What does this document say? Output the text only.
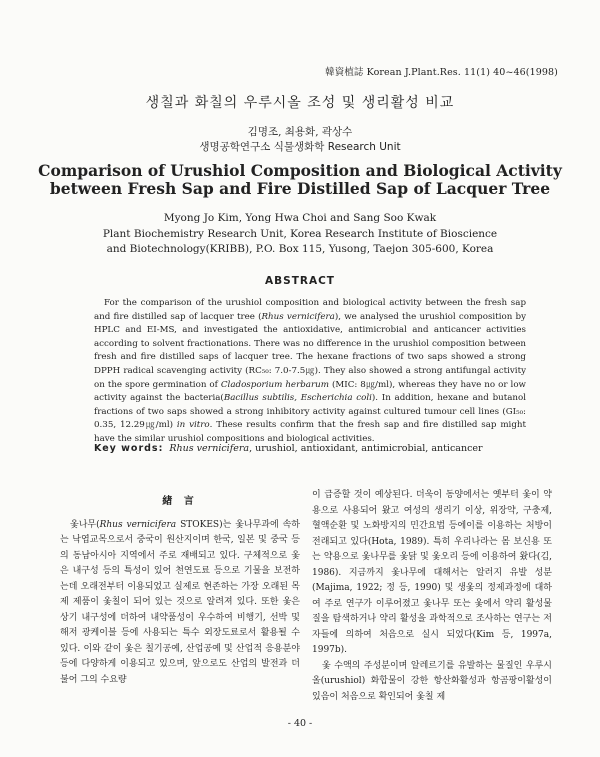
韓資植誌 Korean J.Plant.Res. 11(1) 40~46(1998)
생칠과 화칠의 우루시올 조성 및 생리활성 비교
김명조, 최용화, 곽상수
생명공학연구소 식물생화학 Research Unit
Comparison of Urushiol Composition and Biological Activity
between Fresh Sap and Fire Distilled Sap of Lacquer Tree
Myong Jo Kim, Yong Hwa Choi and Sang Soo Kwak
Plant Biochemistry Research Unit, Korea Research Institute of Bioscience
and Biotechnology(KRIBB), P.O. Box 115, Yusong, Taejon 305-600, Korea
ABSTRACT

For the comparison of the urushiol composition and biological activity between the fresh sap and fire distilled sap of lacquer tree (Rhus verniciferа), we analysed the urushiol composition by HPLC and EI-MS, and investigated the antioxidative, antimicrobial and anticancer activities according to solvent fractionations. There was no difference in the urushiol composition between fresh and fire distilled saps of lacquer tree. The hexane fractions of two saps showed a strong DPPH radical scavenging activity (RC₅₀: 7.0-7.5㎍). They also showed a strong antifungal activity on the spore germination of Cladosporium herbarum (MIC: 8㎍/ml), whereas they have no or low activity against the bacteria(Bacillus subtilis, Escherichia coli). In addition, hexane and butanol fractions of two saps showed a strong inhibitory activity against cultured tumour cell lines (GI₅₀: 0.35, 12.29㎍/ml) in vitro. These results confirm that the fresh sap and fire distilled sap might have the similar urushiol compositions and biological activities.

Key words: Rhus vernicifera, urushiol, antioxidant, antimicrobial, anticancer
緖 言

옻나무(Rhus vernicifera STOKES)는 옻나무과에 속하는 낙엽교목으로서 중국이 원산지이며 한국, 일본 및 중국 등의 동남아시아 지역에서 주로 재배되고 있다. 구체적으로 옻은 내구성 등의 특성이 있어 천연도료 등으로 기물을 보전하는데 오래전부터 이용되었고 실제로 현존하는 가장 오래된 목제 제품이 옻칠이 되어 있는 것으로 알려져 있다. 또한 옻은 상기 내구성에 더하여 내약품성이 우수하여 비행기, 선박 및 해저 광케이블 등에 사용되는 특수 외장도료로서 활용될 수 있다. 이와 같이 옻은 칠기공예, 산업공예 및 산업적 응용분야 등에 다양하게 이용되고 있으며, 앞으로도 산업의 발전과 더불어 그의 수요량

이 급증할 것이 예상된다. 더욱이 동양에서는 옛부터 옻이 약용으로 사용되어 왔고 여성의 생리기 이상, 위장약, 구충제, 혈액순환 및 노화방지의 민간요법 등에이를 이용하는 처방이 전래되고 있다(Hota, 1989). 특히 우리나라는 몸 보신용 또는 약용으로 옻나무를 옻닭 및 옻오리 등에 이용하여 왔다(김, 1986). 지금까지 옻나무에 대해서는 알러지 유발 성분(Majima, 1922; 정 등, 1990) 및 생옻의 정제과정에 대하여 주로 연구가 이루어졌고 옻나무 또는 옻에서 약리 활성물질을 탐색하거나 약리 활성을 과학적으로 조사하는 연구는 저자들에 의하여 처음으로 실시 되었다(Kim 등, 1997a, 1997b).

옻 수액의 주성분이며 알레르기를 유발하는 물질인 우루시올(urushiol) 화합물이 강한 항산화활성과 항곰팡이활성이 있음이 처음으로 확인되어 옻칠 제

- 40 -
